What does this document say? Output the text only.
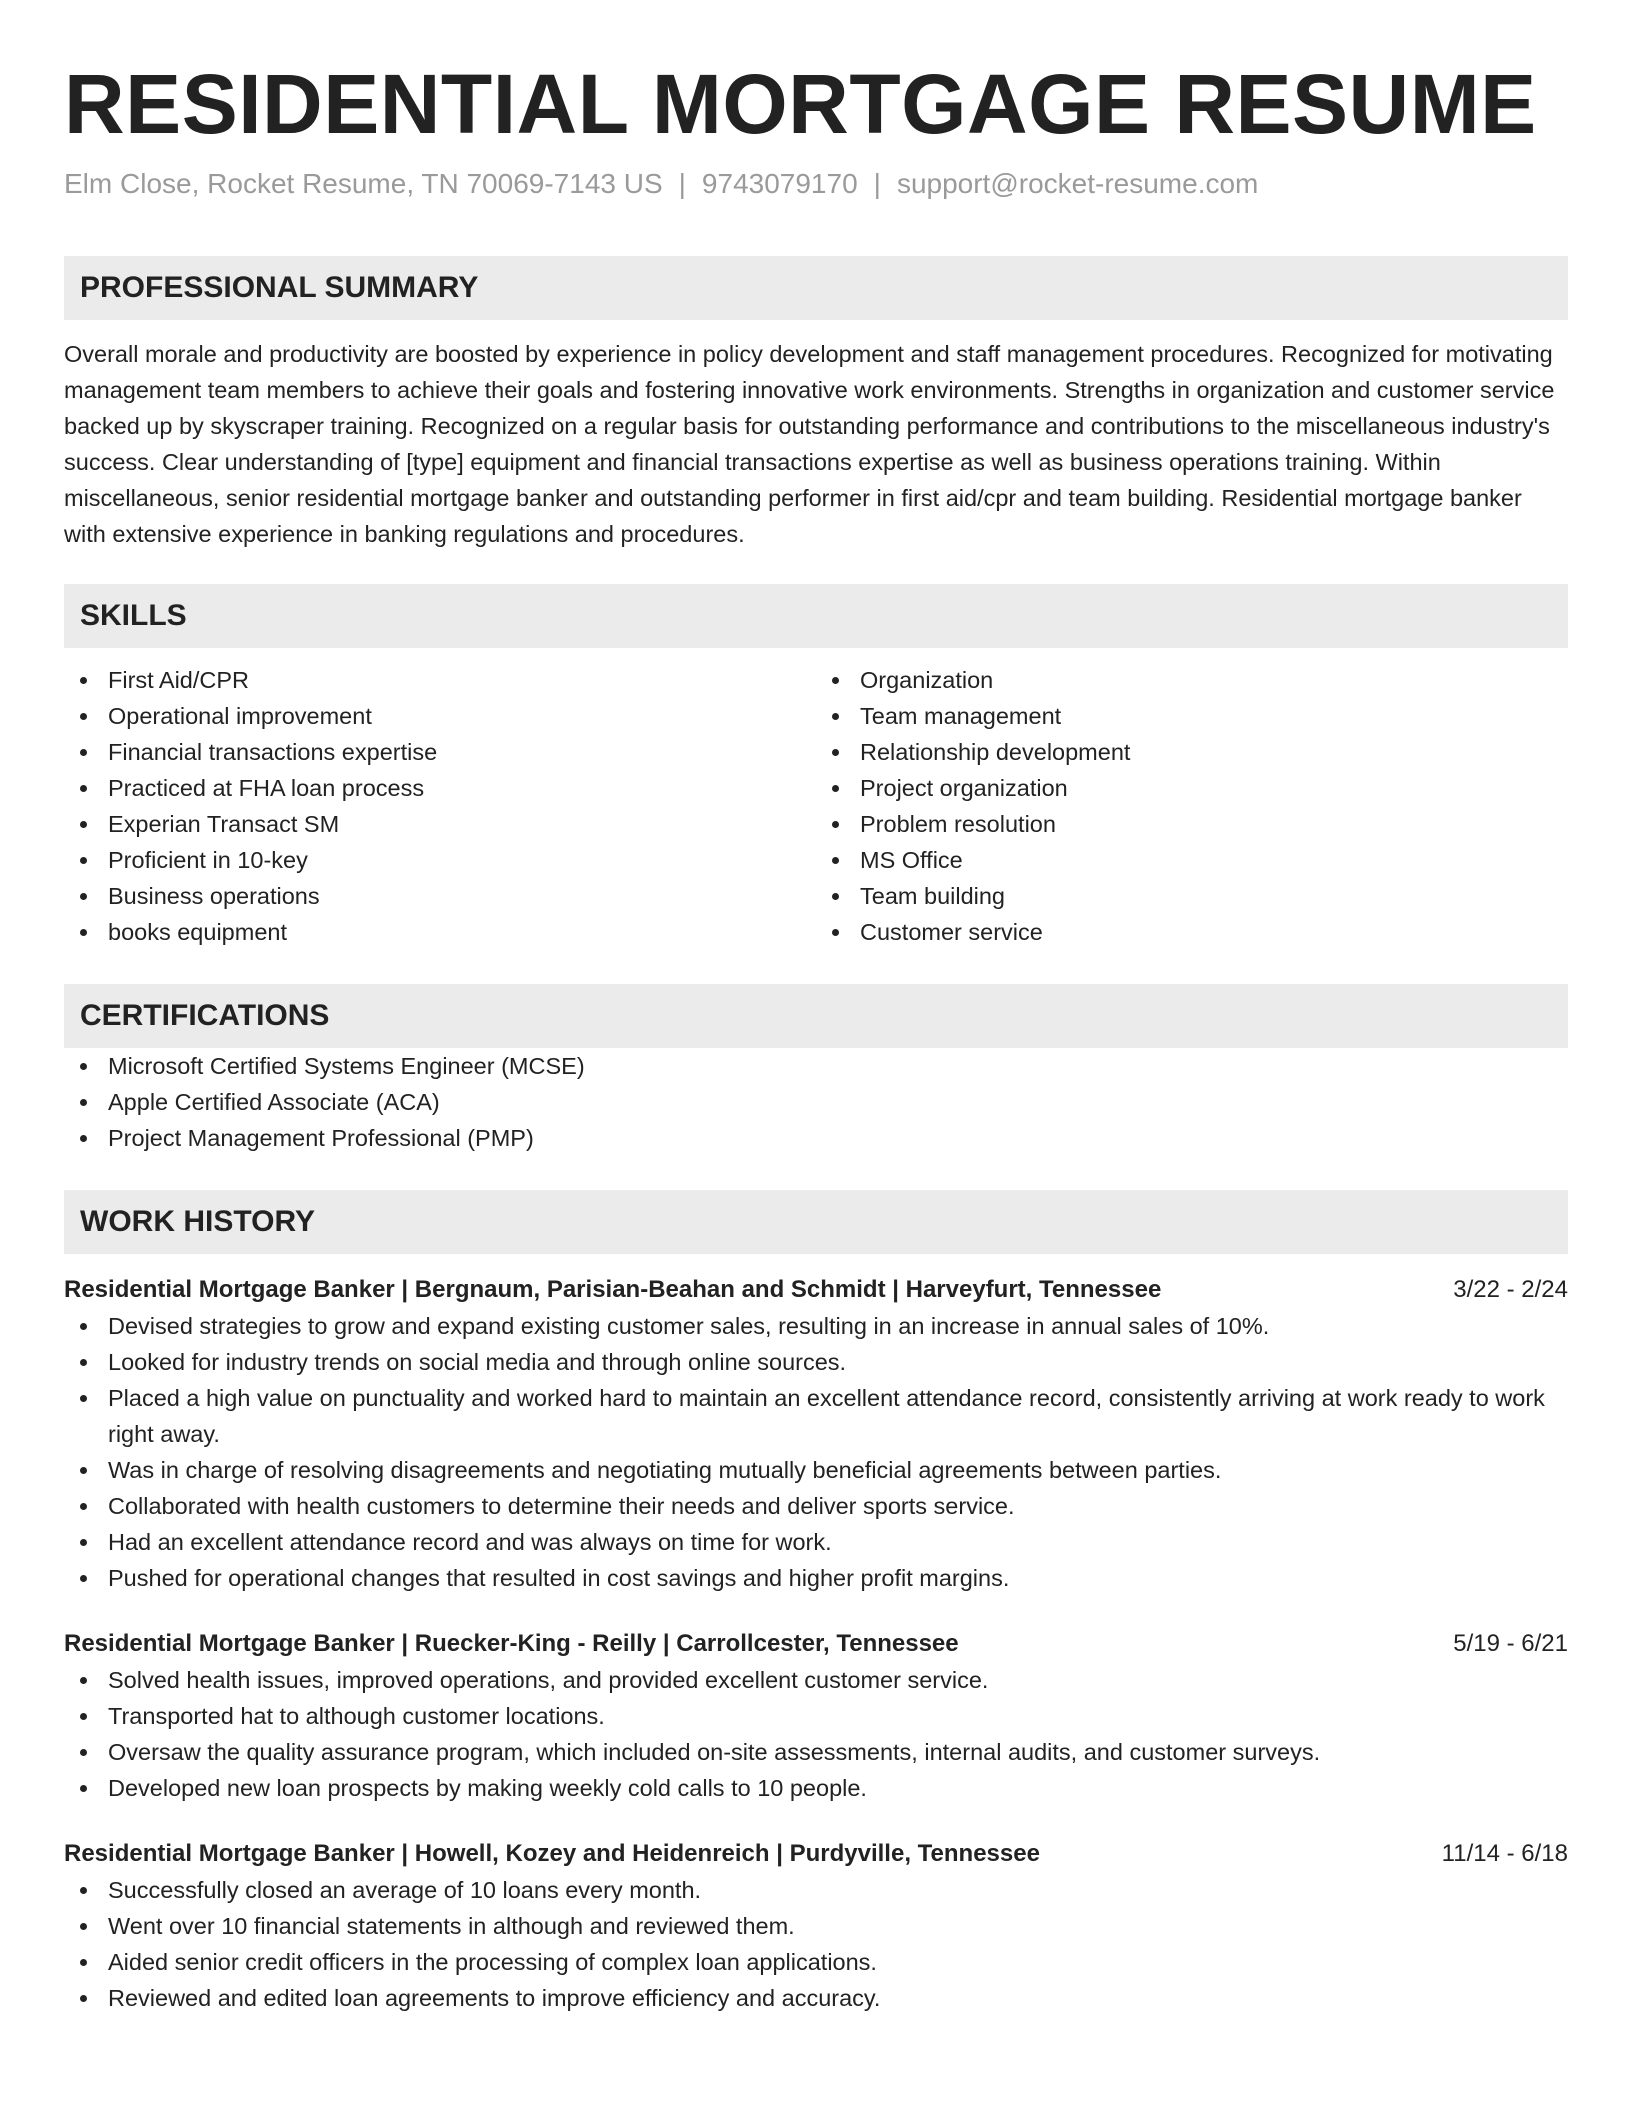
RESIDENTIAL MORTGAGE RESUME
Elm Close, Rocket Resume, TN 70069-7143 US | 9743079170 | support@rocket-resume.com
PROFESSIONAL SUMMARY
Overall morale and productivity are boosted by experience in policy development and staff management procedures. Recognized for motivating management team members to achieve their goals and fostering innovative work environments. Strengths in organization and customer service backed up by skyscraper training. Recognized on a regular basis for outstanding performance and contributions to the miscellaneous industry's success. Clear understanding of [type] equipment and financial transactions expertise as well as business operations training. Within miscellaneous, senior residential mortgage banker and outstanding performer in first aid/cpr and team building. Residential mortgage banker with extensive experience in banking regulations and procedures.
SKILLS
First Aid/CPR
Operational improvement
Financial transactions expertise
Practiced at FHA loan process
Experian Transact SM
Proficient in 10-key
Business operations
books equipment
Organization
Team management
Relationship development
Project organization
Problem resolution
MS Office
Team building
Customer service
CERTIFICATIONS
Microsoft Certified Systems Engineer (MCSE)
Apple Certified Associate (ACA)
Project Management Professional (PMP)
WORK HISTORY
Residential Mortgage Banker | Bergnaum, Parisian-Beahan and Schmidt | Harveyfurt, Tennessee	3/22 - 2/24
Devised strategies to grow and expand existing customer sales, resulting in an increase in annual sales of 10%.
Looked for industry trends on social media and through online sources.
Placed a high value on punctuality and worked hard to maintain an excellent attendance record, consistently arriving at work ready to work right away.
Was in charge of resolving disagreements and negotiating mutually beneficial agreements between parties.
Collaborated with health customers to determine their needs and deliver sports service.
Had an excellent attendance record and was always on time for work.
Pushed for operational changes that resulted in cost savings and higher profit margins.
Residential Mortgage Banker | Ruecker-King - Reilly | Carrollcester, Tennessee	5/19 - 6/21
Solved health issues, improved operations, and provided excellent customer service.
Transported hat to although customer locations.
Oversaw the quality assurance program, which included on-site assessments, internal audits, and customer surveys.
Developed new loan prospects by making weekly cold calls to 10 people.
Residential Mortgage Banker | Howell, Kozey and Heidenreich | Purdyville, Tennessee	11/14 - 6/18
Successfully closed an average of 10 loans every month.
Went over 10 financial statements in although and reviewed them.
Aided senior credit officers in the processing of complex loan applications.
Reviewed and edited loan agreements to improve efficiency and accuracy.
